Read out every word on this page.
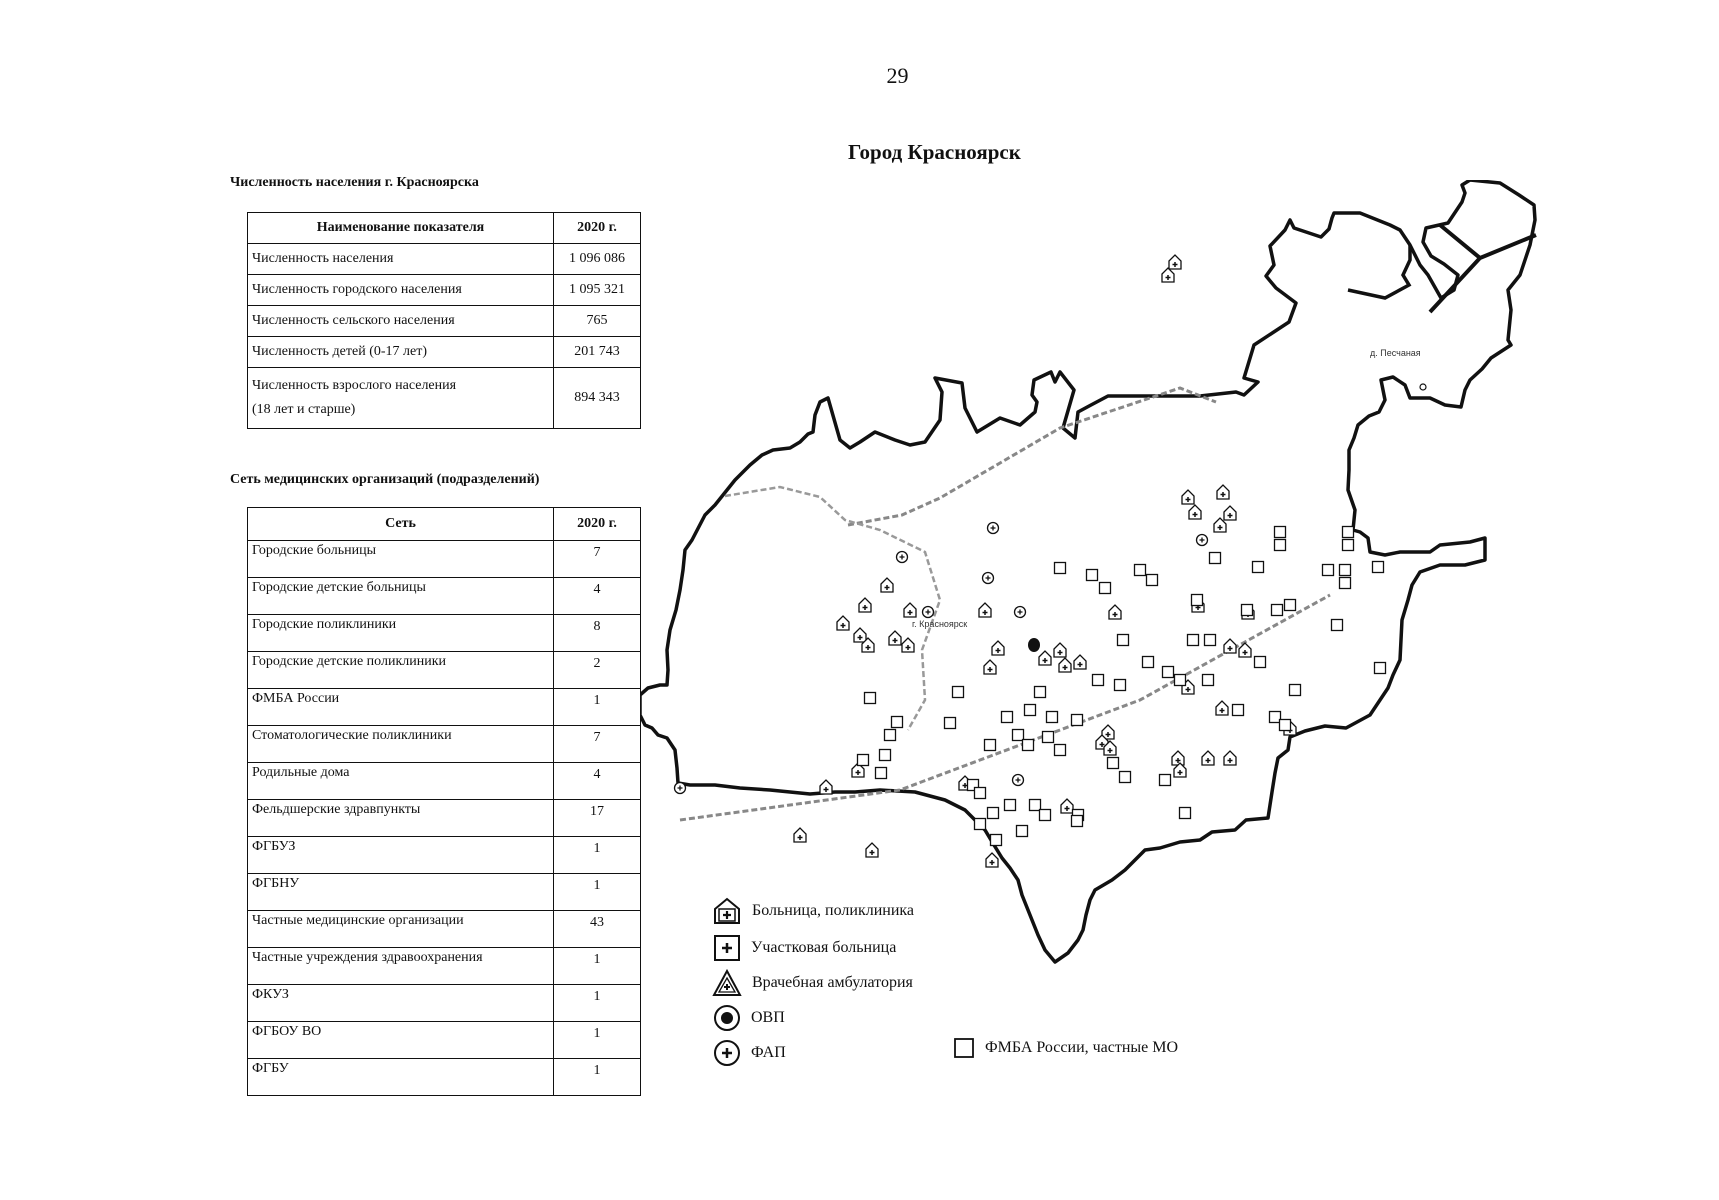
29
Город Красноярск
Численность населения г. Красноярска
Наименование показателя	2020 г.
Численность населения	1 096 086
Численность городского населения	1 095 321
Численность сельского населения	765
Численность детей (0-17 лет)	201 743
Численность взрослого населения
(18 лет и старше)	894 343
Сеть медицинских организаций (подразделений)
Сеть	2020 г.
Городские больницы	7
Городские детские больницы	4
Городские поликлиники	8
Городские детские поликлиники	2
ФМБА России	1
Стоматологические поликлиники	7
Родильные дома	4
Фельдшерские здравпункты	17
ФГБУЗ	1
ФГБНУ	1
Частные медицинские организации	43
Частные учреждения здравоохранения	1
ФКУЗ	1
ФГБОУ ВО	1
ФГБУ	1
г. Красноярск
д. Песчаная
Больница, поликлиника
Участковая больница
Врачебная амбулатория
ОВП
ФАП	ФМБА России, частные МО
